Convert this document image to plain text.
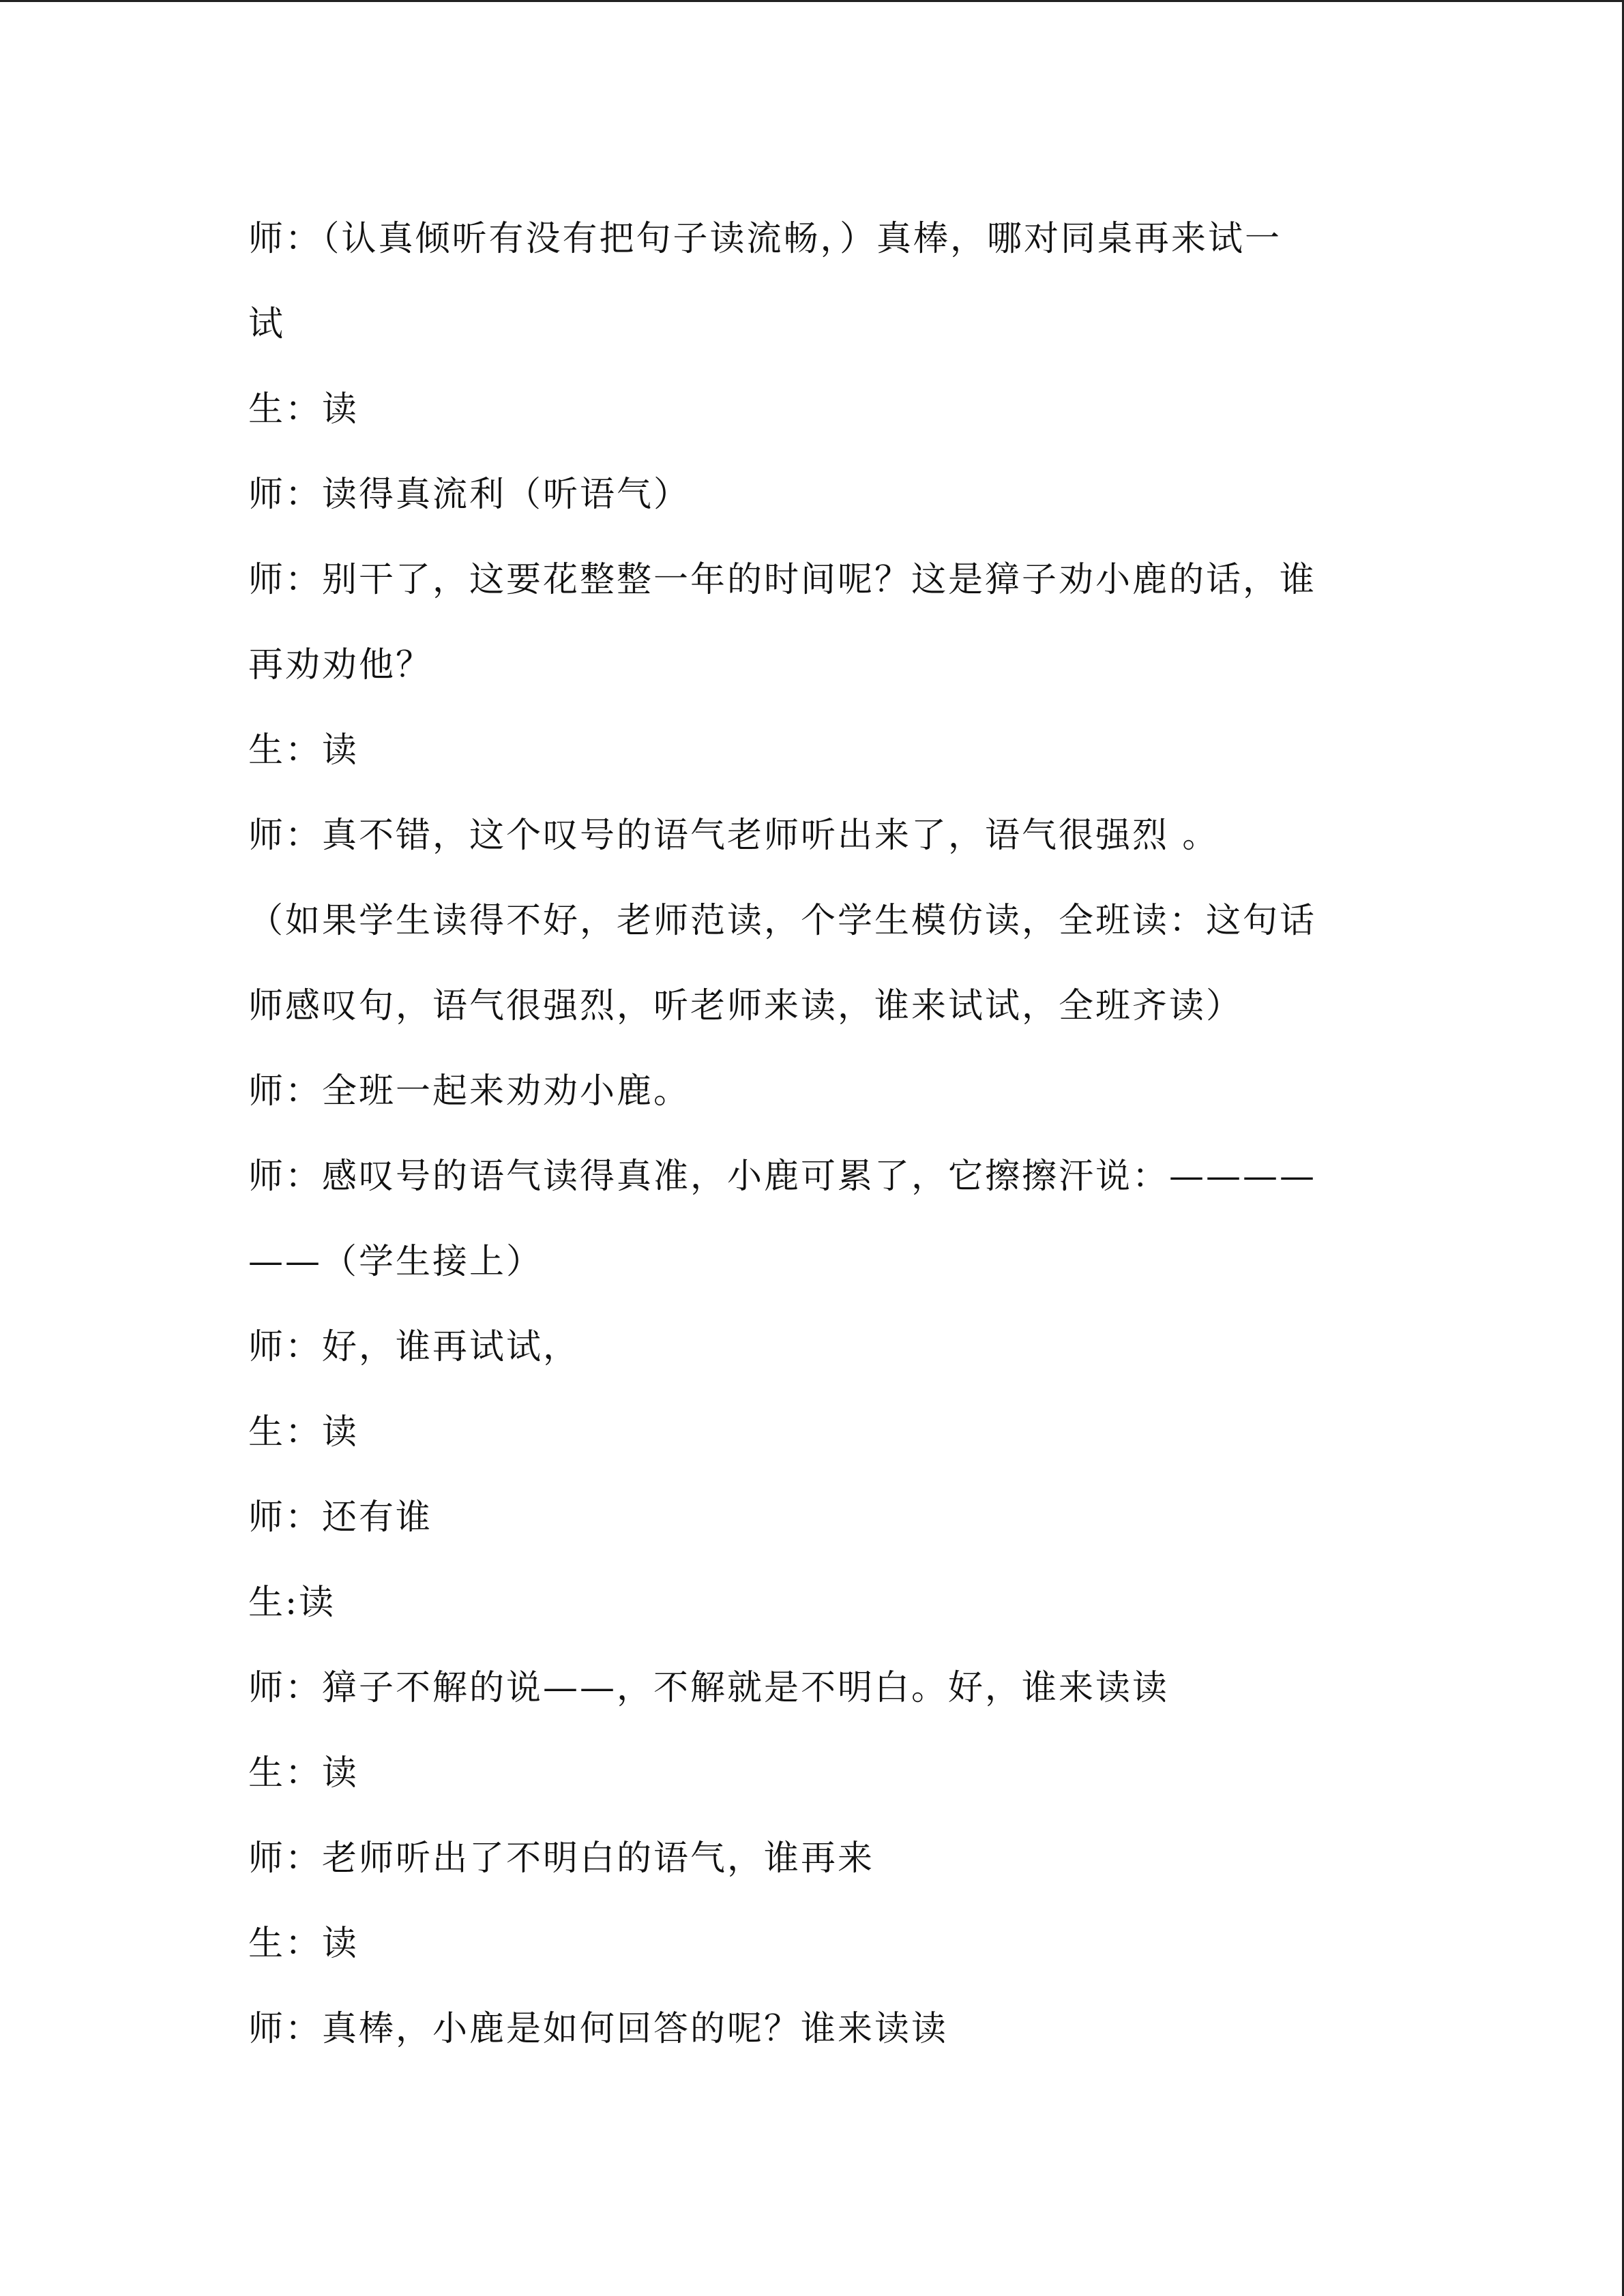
师：（认真倾听有没有把句子读流畅，）真棒，哪对同桌再来试一
试
生：读
师：读得真流利（听语气）
师：别干了，这要花整整一年的时间呢？这是獐子劝小鹿的话，谁
再劝劝他？
生：读
师：真不错，这个叹号的语气老师听出来了，语气很强烈 。
（如果学生读得不好，老师范读，个学生模仿读，全班读：这句话
师感叹句，语气很强烈，听老师来读，谁来试试，全班齐读）
师：全班一起来劝劝小鹿。
师：感叹号的语气读得真准，小鹿可累了，它擦擦汗说：————
——（学生接上）
师：好，谁再试试，
生：读
师：还有谁
生:读
师：獐子不解的说——，不解就是不明白。好，谁来读读
生：读
师：老师听出了不明白的语气，谁再来
生：读
师：真棒，小鹿是如何回答的呢？谁来读读
